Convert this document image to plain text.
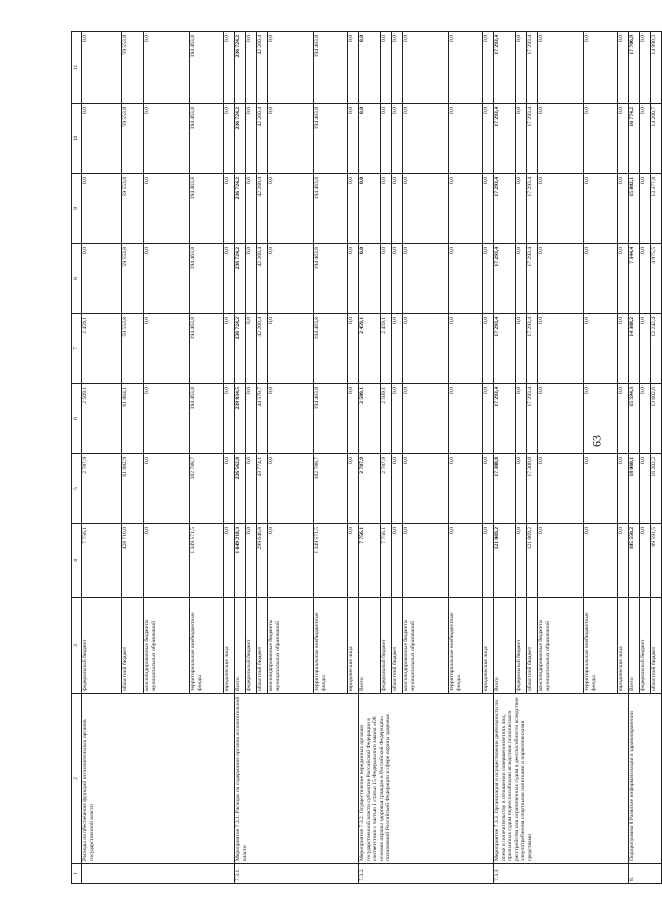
63
1	2	3	4	5	6	7	8	9	10	11
	Расходы на обеспечение функций исполнительных органов государственной власти	федеральный бюджет	7 756,1	2 787,9	2 509,1	2 459,1	0,0	0,0	0,0	0,0
		областной бюджет	428 716,0	61 082,9	61 864,1	59 553,8	59 553,8	59 553,8	59 553,8	59 553,8
		консолидированные бюджеты муниципальных образований	0,0	0,0	0,0	0,0	0,0	0,0	0,0	0,0
		территориальные внебюджетные фонды	1 349 571,5	182 788,7	194 463,8	194 463,8	194 463,8	194 463,8	194 463,8	194 463,8
		юридические лица	0,0	0,0	0,0	0,0	0,0	0,0	0,0	0,0
7.3.1.	Мероприятие 7.3.1. Расходы на содержание органов исполнительной власти	Всего	1 649 218,3	226 562,8	239 834,5	236 724,2	236 724,2	236 724,2	236 724,2	236 724,2
		федеральный бюджет	0,0	0,0	0,0	0,0	0,0	0,0	0,0	0,0
		областной бюджет	299 646,8	43 774,1	44 570,7	42 260,4	42 260,4	42 260,4	42 260,4	42 260,4
		консолидированные бюджеты муниципальных образований	0,0	0,0	0,0	0,0	0,0	0,0	0,0	0,0
		территориальные внебюджетные фонды	1 349 571,5	182 788,7	194 463,8	194 463,8	194 463,8	194 463,8	194 463,8	194 463,8
		юридические лица	0,0	0,0	0,0	0,0	0,0	0,0	0,0	0,0
7.3.2.	Мероприятие 7.3.2. Осуществление переданных органам государственной власти субъектов Российской Федерации в соответствии с частью 1 статьи 15 Федерального закона «Об основах охраны здоровья граждан в Российской Федерации» полномочий Российской Федерации в сфере охраны здоровья	Всего	7 756,1	2 787,9	2 509,1	2 459,1	0,0	0,0	0,0	0,0
		федеральный бюджет	7 756,1	2 787,9	2 509,1	2 459,1	0,0	0,0	0,0	0,0
		областной бюджет	0,0	0,0	0,0	0,0	0,0	0,0	0,0	0,0
		консолидированные бюджеты муниципальных образований	0,0	0,0	0,0	0,0	0,0	0,0	0,0	0,0
		территориальные внебюджетные фонды	0,0	0,0	0,0	0,0	0,0	0,0	0,0	0,0
		юридические лица	0,0	0,0	0,0	0,0	0,0	0,0	0,0	0,0
7.3.3.	Мероприятие 7.3.3. Организация и осуществление деятельности по опеке и попечительству в отношении совершеннолетних лиц, признанных судом недееспособными вследствие психического расстройства или ограниченных судом в дееспособности вследствие злоупотребления спиртными напитками и наркотическими средствами	Всего	121 069,2	17 308,8	17 293,4	17 293,4	17 293,4	17 293,4	17 293,4	17 293,4
		федеральный бюджет	0,0	0,0	0,0	0,0	0,0	0,0	0,0	0,0
		областной бюджет	121 069,2	17 308,8	17 293,4	17 293,4	17 293,4	17 293,4	17 293,4	17 293,4
		консолидированные бюджеты муниципальных образований	0,0	0,0	0,0	0,0	0,0	0,0	0,0	0,0
		территориальные внебюджетные фонды	0,0	0,0	0,0	0,0	0,0	0,0	0,0	0,0
		юридические лица	0,0	0,0	0,0	0,0	0,0	0,0	0,0	0,0
8.	Подпрограмма 8 Развитие информатизации в здравоохранении	Всего	105 550,2	18 060,1	15 594,3	14 368,2	7 344,4	15 802,1	16 774,2	17 706,9
		федеральный бюджет	0,0	0,0	0,0	0,0	0,0	0,0	0,0	0,0
		областной бюджет	89 591,5	16 202,2	13 602,6	12 242,4	4 975,5	13 377,8	14 200,7	14 990,3
